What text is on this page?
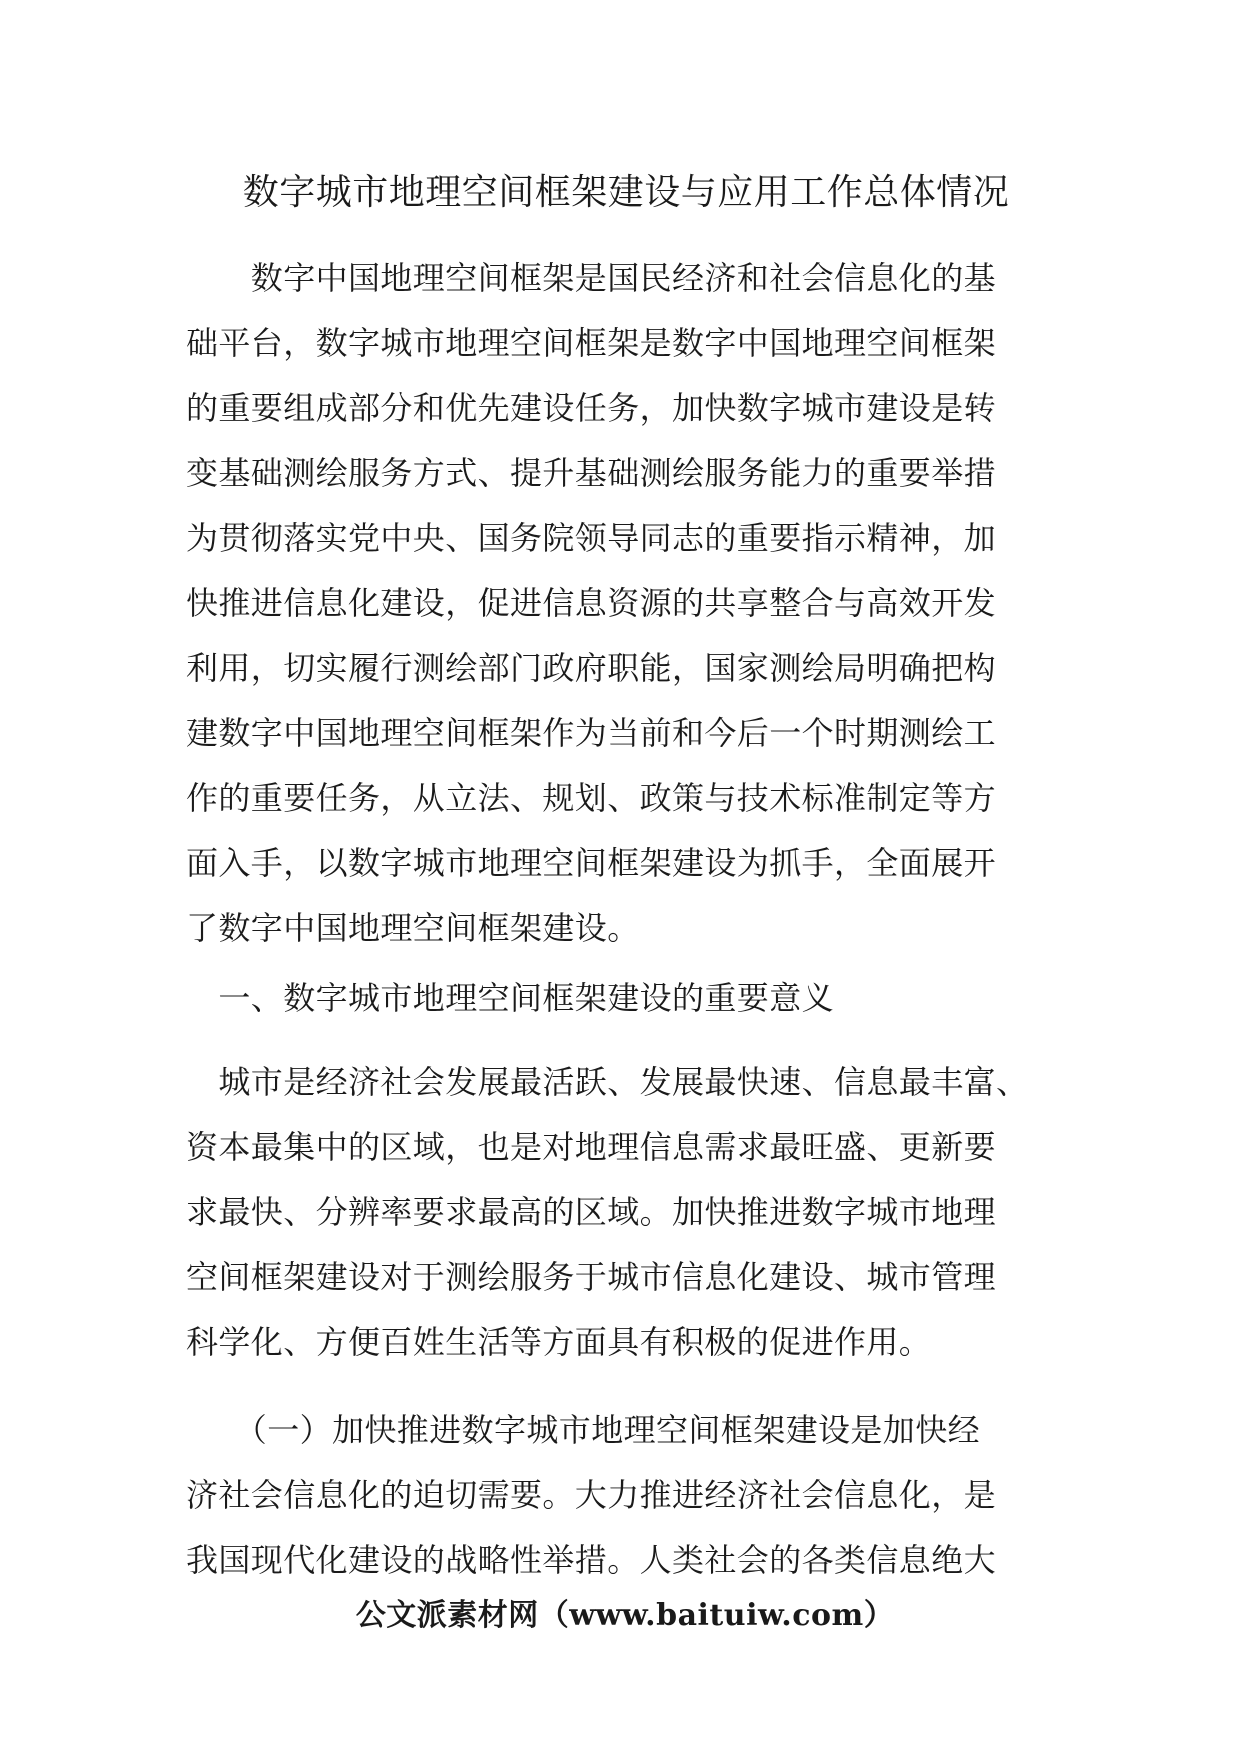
数字城市地理空间框架建设与应用工作总体情况
　　数字中国地理空间框架是国民经济和社会信息化的基
础平台，数字城市地理空间框架是数字中国地理空间框架
的重要组成部分和优先建设任务，加快数字城市建设是转
变基础测绘服务方式、提升基础测绘服务能力的重要举措
为贯彻落实党中央、国务院领导同志的重要指示精神，加
快推进信息化建设，促进信息资源的共享整合与高效开发
利用，切实履行测绘部门政府职能，国家测绘局明确把构
建数字中国地理空间框架作为当前和今后一个时期测绘工
作的重要任务，从立法、规划、政策与技术标准制定等方
面入手，以数字城市地理空间框架建设为抓手，全面展开
了数字中国地理空间框架建设。
　一、数字城市地理空间框架建设的重要意义
　城市是经济社会发展最活跃、发展最快速、信息最丰富、
资本最集中的区域，也是对地理信息需求最旺盛、更新要
求最快、分辨率要求最高的区域。加快推进数字城市地理
空间框架建设对于测绘服务于城市信息化建设、城市管理
科学化、方便百姓生活等方面具有积极的促进作用。
　　（一）加快推进数字城市地理空间框架建设是加快经
济社会信息化的迫切需要。大力推进经济社会信息化，是
我国现代化建设的战略性举措。人类社会的各类信息绝大
公文派素材网（www.baituiw.com）
